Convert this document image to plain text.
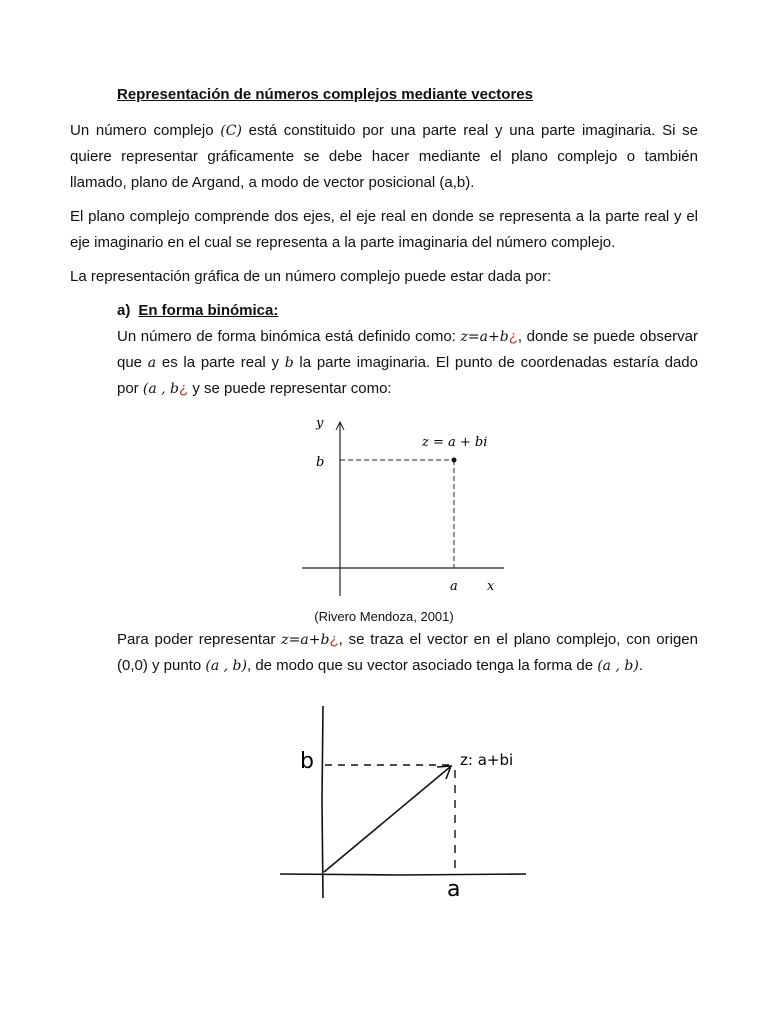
Representación de números complejos mediante vectores

Un número complejo (C) está constituido por una parte real y una parte imaginaria. Si se quiere representar gráficamente se debe hacer mediante el plano complejo o también llamado, plano de Argand, a modo de vector posicional (a,b).

El plano complejo comprende dos ejes, el eje real en donde se representa a la parte real y el eje imaginario en el cual se representa a la parte imaginaria del número complejo.

La representación gráfica de un número complejo puede estar dada por:

a) En forma binómica:

Un número de forma binómica está definido como: z=a+b¿, donde se puede observar que a es la parte real y b la parte imaginaria. El punto de coordenadas estaría dado por (a , b¿ y se puede representar como:

y
b
a x
z = a + bi
(Rivero Mendoza, 2001)

Para poder representar z=a+b¿, se traza el vector en el plano complejo, con origen (0,0) y punto (a , b), de modo que su vector asociado tenga la forma de (a , b).

b
a
z: a+bi
